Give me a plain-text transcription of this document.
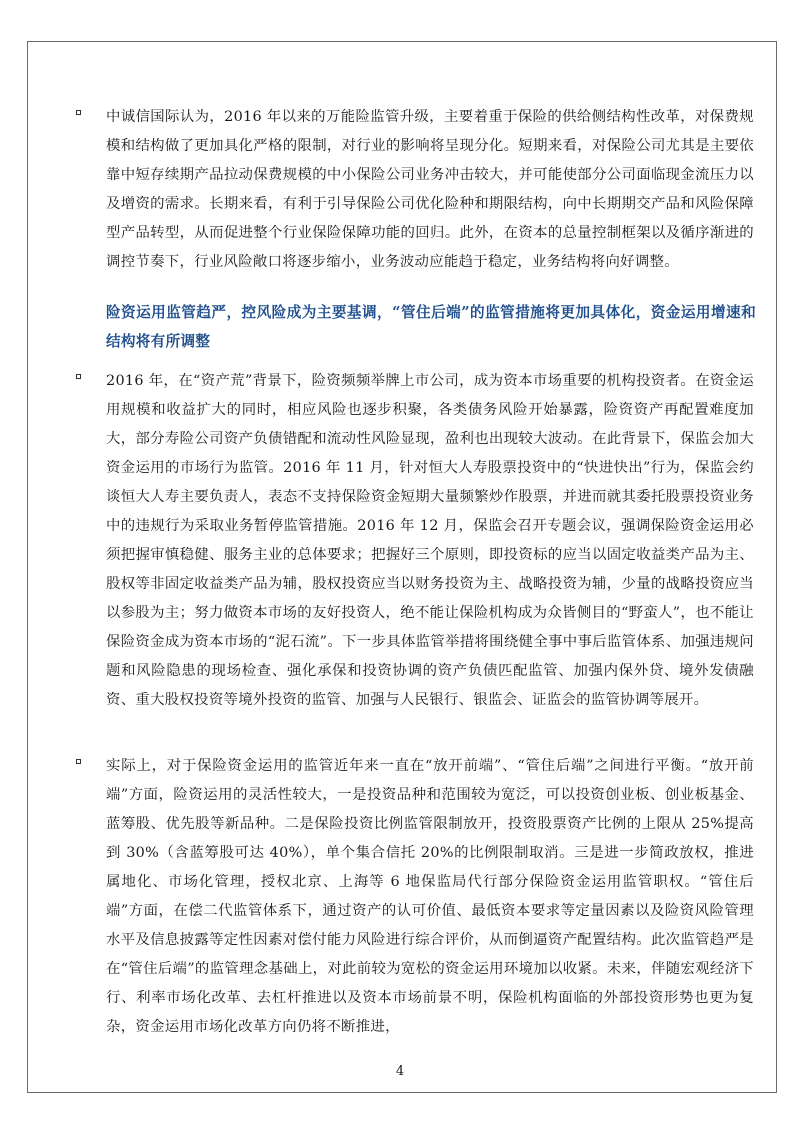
中诚信国际认为，2016 年以来的万能险监管升级，主要着重于保险的供给侧结构性改革，对保费规模和结构做了更加具化严格的限制，对行业的影响将呈现分化。短期来看，对保险公司尤其是主要依靠中短存续期产品拉动保费规模的中小保险公司业务冲击较大，并可能使部分公司面临现金流压力以及增资的需求。长期来看，有利于引导保险公司优化险种和期限结构，向中长期期交产品和风险保障型产品转型，从而促进整个行业保险保障功能的回归。此外，在资本的总量控制框架以及循序渐进的调控节奏下，行业风险敞口将逐步缩小，业务波动应能趋于稳定，业务结构将向好调整。

险资运用监管趋严，控风险成为主要基调，“管住后端”的监管措施将更加具体化，资金运用增速和结构将有所调整

2016 年，在“资产荒”背景下，险资频频举牌上市公司，成为资本市场重要的机构投资者。在资金运用规模和收益扩大的同时，相应风险也逐步积聚，各类债务风险开始暴露，险资资产再配置难度加大，部分寿险公司资产负债错配和流动性风险显现，盈利也出现较大波动。在此背景下，保监会加大资金运用的市场行为监管。2016 年 11 月，针对恒大人寿股票投资中的“快进快出”行为，保监会约谈恒大人寿主要负责人，表态不支持保险资金短期大量频繁炒作股票，并进而就其委托股票投资业务中的违规行为采取业务暂停监管措施。2016 年 12 月，保监会召开专题会议，强调保险资金运用必须把握审慎稳健、服务主业的总体要求；把握好三个原则，即投资标的应当以固定收益类产品为主、股权等非固定收益类产品为辅，股权投资应当以财务投资为主、战略投资为辅，少量的战略投资应当以参股为主；努力做资本市场的友好投资人，绝不能让保险机构成为众皆侧目的“野蛮人”，也不能让保险资金成为资本市场的“泥石流”。下一步具体监管举措将围绕健全事中事后监管体系、加强违规问题和风险隐患的现场检查、强化承保和投资协调的资产负债匹配监管、加强内保外贷、境外发债融资、重大股权投资等境外投资的监管、加强与人民银行、银监会、证监会的监管协调等展开。

实际上，对于保险资金运用的监管近年来一直在“放开前端”、“管住后端”之间进行平衡。“放开前端”方面，险资运用的灵活性较大，一是投资品种和范围较为宽泛，可以投资创业板、创业板基金、蓝筹股、优先股等新品种。二是保险投资比例监管限制放开，投资股票资产比例的上限从 25%提高到 30%（含蓝筹股可达 40%），单个集合信托 20%的比例限制取消。三是进一步简政放权，推进属地化、市场化管理，授权北京、上海等 6 地保监局代行部分保险资金运用监管职权。“管住后端”方面，在偿二代监管体系下，通过资产的认可价值、最低资本要求等定量因素以及险资风险管理水平及信息披露等定性因素对偿付能力风险进行综合评价，从而倒逼资产配置结构。此次监管趋严是在“管住后端”的监管理念基础上，对此前较为宽松的资金运用环境加以收紧。未来，伴随宏观经济下行、利率市场化改革、去杠杆推进以及资本市场前景不明，保险机构面临的外部投资形势也更为复杂，资金运用市场化改革方向仍将不断推进，

4
